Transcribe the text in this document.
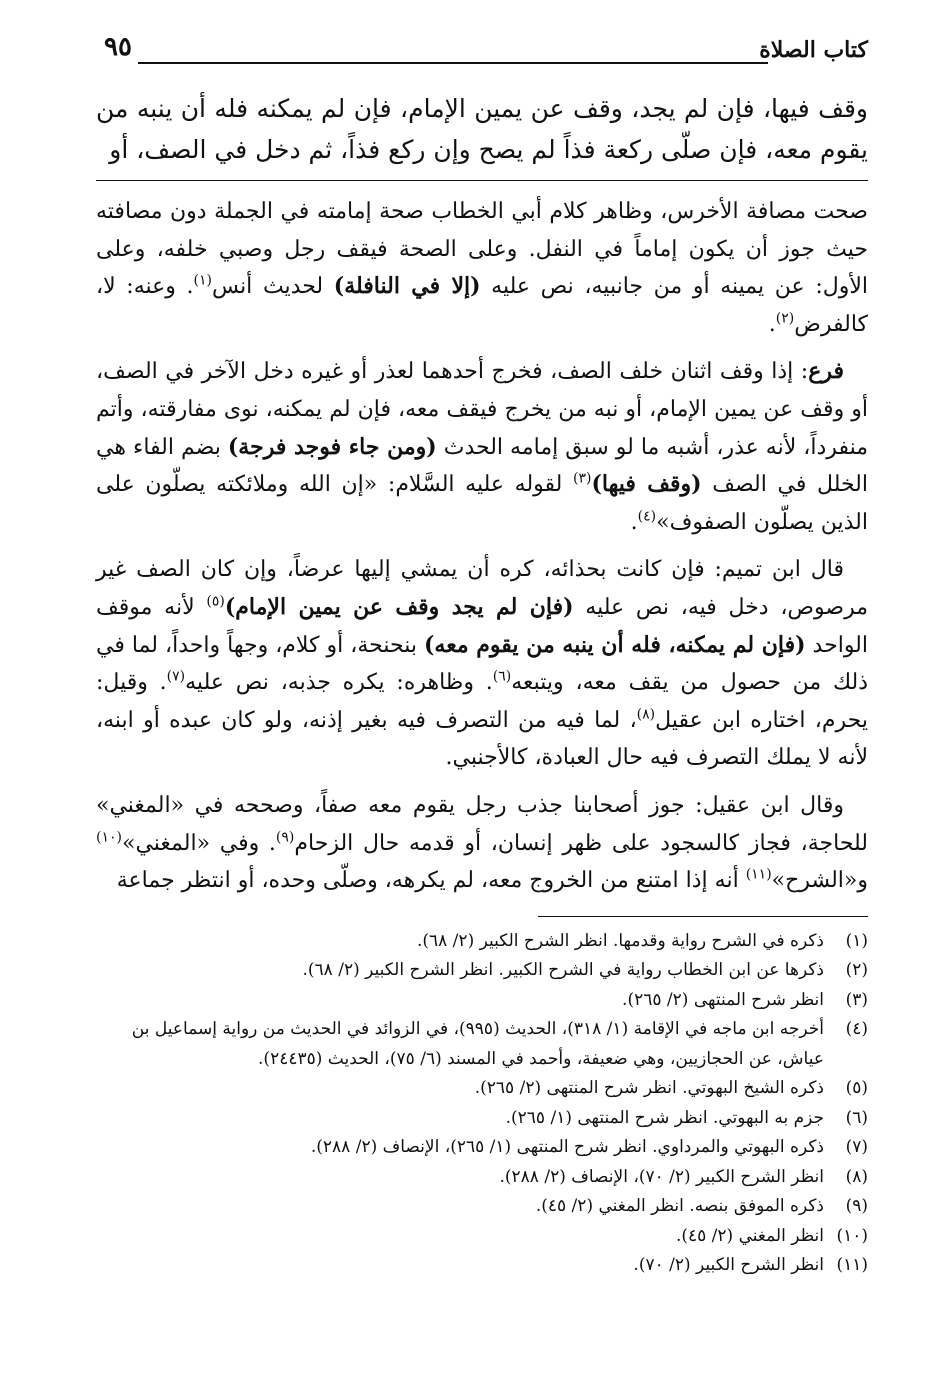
كتاب الصلاة
٩٥
وقف فيها، فإن لم يجد، وقف عن يمين الإمام، فإن لم يمكنه فله أن ينبه من يقوم معه، فإن صلّى ركعة فذاً لم يصح وإن ركع فذاً، ثم دخل في الصف، أو

صحت مصافة الأخرس، وظاهر كلام أبي الخطاب صحة إمامته في الجملة دون مصافته حيث جوز أن يكون إماماً في النفل. وعلى الصحة فيقف رجل وصبي خلفه، وعلى الأول: عن يمينه أو من جانبيه، نص عليه (إلا في النافلة) لحديث أنس$^{(١)}$. وعنه: لا، كالفرض$^{(٢)}$.

فرع: إذا وقف اثنان خلف الصف، فخرج أحدهما لعذر أو غيره دخل الآخر في الصف، أو وقف عن يمين الإمام، أو نبه من يخرج فيقف معه، فإن لم يمكنه، نوى مفارقته، وأتم منفرداً، لأنه عذر، أشبه ما لو سبق إمامه الحدث (ومن جاء فوجد فرجة) بضم الفاء هي الخلل في الصف (وقف فيها)$^{(٣)}$ لقوله عليه السَّلام: «إن الله وملائكته يصلّون على الذين يصلّون الصفوف»$^{(٤)}$.

قال ابن تميم: فإن كانت بحذائه، كره أن يمشي إليها عرضاً، وإن كان الصف غير مرصوص، دخل فيه، نص عليه (فإن لم يجد وقف عن يمين الإمام)$^{(٥)}$ لأنه موقف الواحد (فإن لم يمكنه، فله أن ينبه من يقوم معه) بنحنحة، أو كلام، وجهاً واحداً، لما في ذلك من حصول من يقف معه، ويتبعه$^{(٦)}$. وظاهره: يكره جذبه، نص عليه$^{(٧)}$. وقيل: يحرم، اختاره ابن عقيل$^{(٨)}$، لما فيه من التصرف فيه بغير إذنه، ولو كان عبده أو ابنه، لأنه لا يملك التصرف فيه حال العبادة، كالأجنبي.

وقال ابن عقيل: جوز أصحابنا جذب رجل يقوم معه صفاً، وصححه في «المغني» للحاجة، فجاز كالسجود على ظهر إنسان، أو قدمه حال الزحام$^{(٩)}$. وفي «المغني»$^{(١٠)}$ و«الشرح»$^{(١١)}$ أنه إذا امتنع من الخروج معه، لم يكرهه، وصلّى وحده، أو انتظر جماعة

(١)
ذكره في الشرح رواية وقدمها. انظر الشرح الكبير (٢/ ٦٨).
(٢)
ذكرها عن ابن الخطاب رواية في الشرح الكبير. انظر الشرح الكبير (٢/ ٦٨).
(٣)
انظر شرح المنتهى (٢/ ٢٦٥).
(٤)
أخرجه ابن ماجه في الإقامة (١/ ٣١٨)، الحديث (٩٩٥)، في الزوائد في الحديث من رواية إسماعيل بن عياش، عن الحجازيين، وهي ضعيفة، وأحمد في المسند (٦/ ٧٥)، الحديث (٢٤٤٣٥).
(٥)
ذكره الشيخ البهوتي. انظر شرح المنتهى (٢/ ٢٦٥).
(٦)
جزم به البهوتي. انظر شرح المنتهى (١/ ٢٦٥).
(٧)
ذكره البهوتي والمرداوي. انظر شرح المنتهى (١/ ٢٦٥)، الإنصاف (٢/ ٢٨٨).
(٨)
انظر الشرح الكبير (٢/ ٧٠)، الإنصاف (٢/ ٢٨٨).
(٩)
ذكره الموفق بنصه. انظر المغني (٢/ ٤٥).
(١٠)
انظر المغني (٢/ ٤٥).
(١١)
انظر الشرح الكبير (٢/ ٧٠).
